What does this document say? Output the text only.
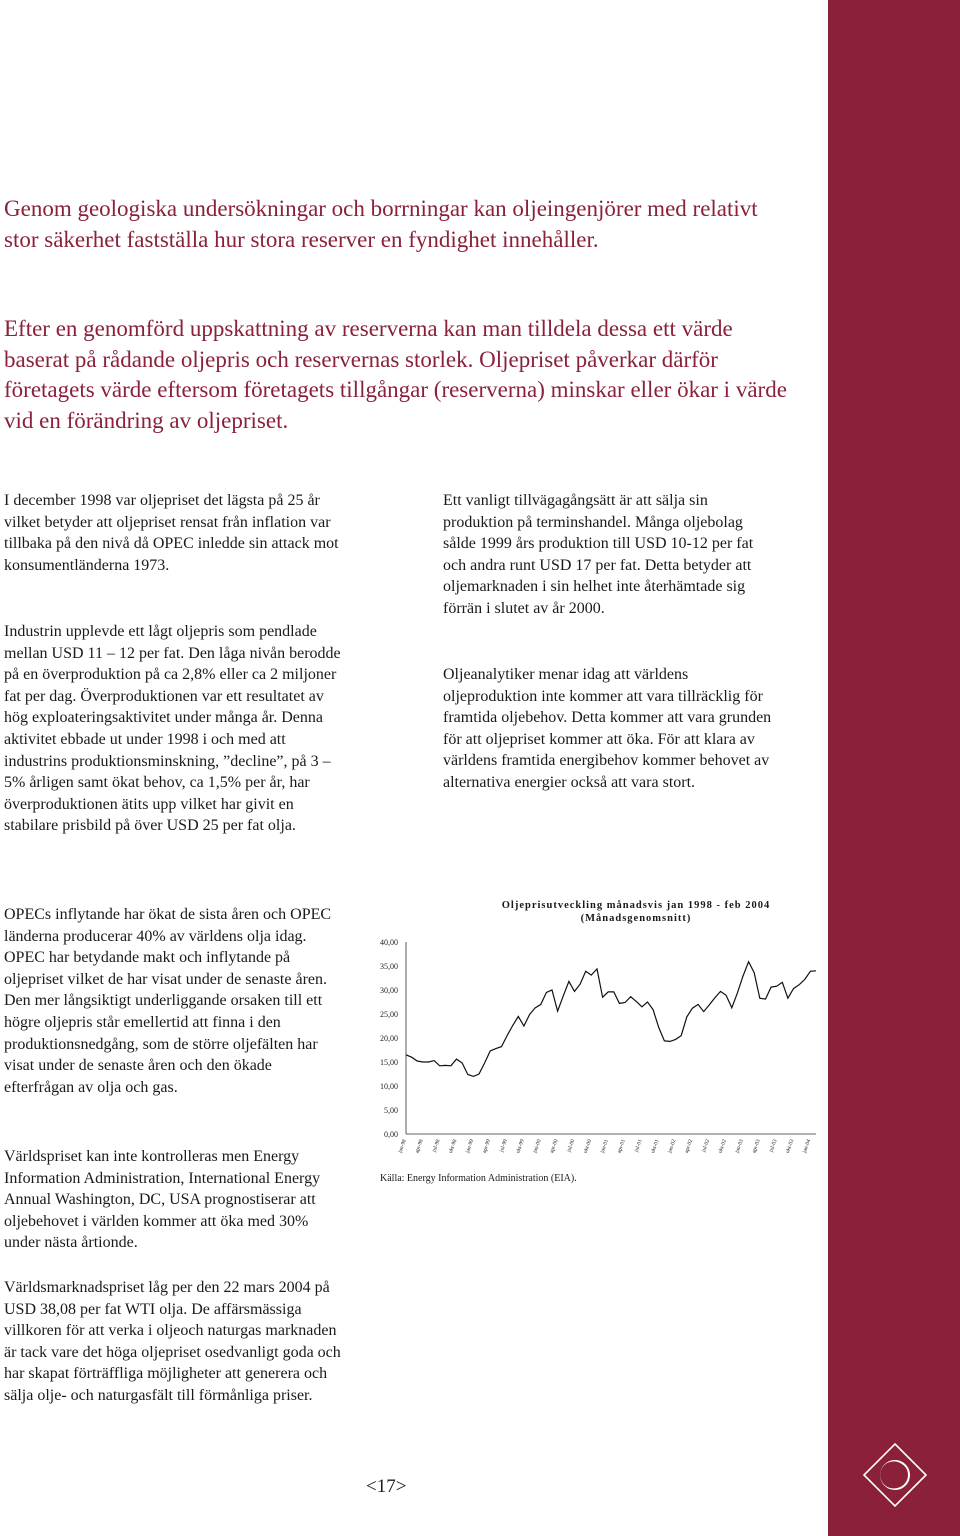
Genom geologiska undersökningar och borrningar kan oljeingenjörer med relativt stor säkerhet fastställa hur stora reserver en fyndighet innehåller.

Efter en genomförd uppskattning av reserverna kan man tilldela dessa ett värde baserat på rådande oljepris och reservernas storlek. Oljepriset påverkar därför företagets värde eftersom företagets tillgångar (reserverna) minskar eller ökar i värde vid en förändring av oljepriset.

I december 1998 var oljepriset det lägsta på 25 år vilket betyder att oljepriset rensat från inflation var tillbaka på den nivå då OPEC inledde sin attack mot konsumentländerna 1973.

Industrin upplevde ett lågt oljepris som pendlade mellan USD 11 – 12 per fat. Den låga nivån berodde på en överproduktion på ca 2,8% eller ca 2 miljoner fat per dag. Överproduktionen var ett resultatet av hög exploateringsaktivitet under många år. Denna aktivitet ebbade ut under 1998 i och med att industrins produktionsminskning, ”decline”, på 3 – 5% årligen samt ökat behov, ca 1,5% per år, har överproduktionen ätits upp vilket har givit en stabilare prisbild på över USD 25 per fat olja.

OPECs inflytande har ökat de sista åren och OPEC länderna producerar 40% av världens olja idag. OPEC har betydande makt och inflytande på oljepriset vilket de har visat under de senaste åren. Den mer långsiktigt underliggande orsaken till ett högre oljepris står emellertid att finna i den produktionsnedgång, som de större oljefälten har visat under de senaste åren och den ökade efterfrågan av olja och gas.

Världspriset kan inte kontrolleras men Energy Information Administration, International Energy Annual Washington, DC, USA prognostiserar att oljebehovet i världen kommer att öka med 30% under nästa årtionde.

Världsmarknadspriset låg per den 22 mars 2004 på USD 38,08 per fat WTI olja. De affärsmässiga villkoren för att verka i oljeoch naturgas marknaden är tack vare det höga oljepriset osedvanligt goda och har skapat förträffliga möjligheter att generera och sälja olje- och naturgasfält till förmånliga priser.

Ett vanligt tillvägagångsätt är att sälja sin produktion på terminshandel. Många oljebolag sålde 1999 års produktion till USD 10-12 per fat och andra runt USD 17 per fat. Detta betyder att oljemarknaden i sin helhet inte återhämtade sig förrän i slutet av år 2000.

Oljeanalytiker menar idag att världens oljeproduktion inte kommer att vara tillräcklig för framtida oljebehov. Detta kommer att vara grunden för att oljepriset kommer att öka. För att klara av världens framtida energibehov kommer behovet av alternativa energier också att vara stort.

Oljeprisutveckling månadsvis jan 1998 - feb 2004
(Månadsgenomsnitt)
0,00
5,00
10,00
15,00
20,00
25,00
30,00
35,00
40,00
jan-98 apr-98 jul-98 okt-98 jan-99 apr-99 jul-99 okt-99 jan-00 apr-00 jul-00 okt-00 jan-01 apr-01 jul-01 okt-01 jan-02 apr-02 jul-02 okt-02 jan-03 apr-03 jul-03 okt-03 jan-04
Källa: Energy Information Administration (EIA).
<17>
